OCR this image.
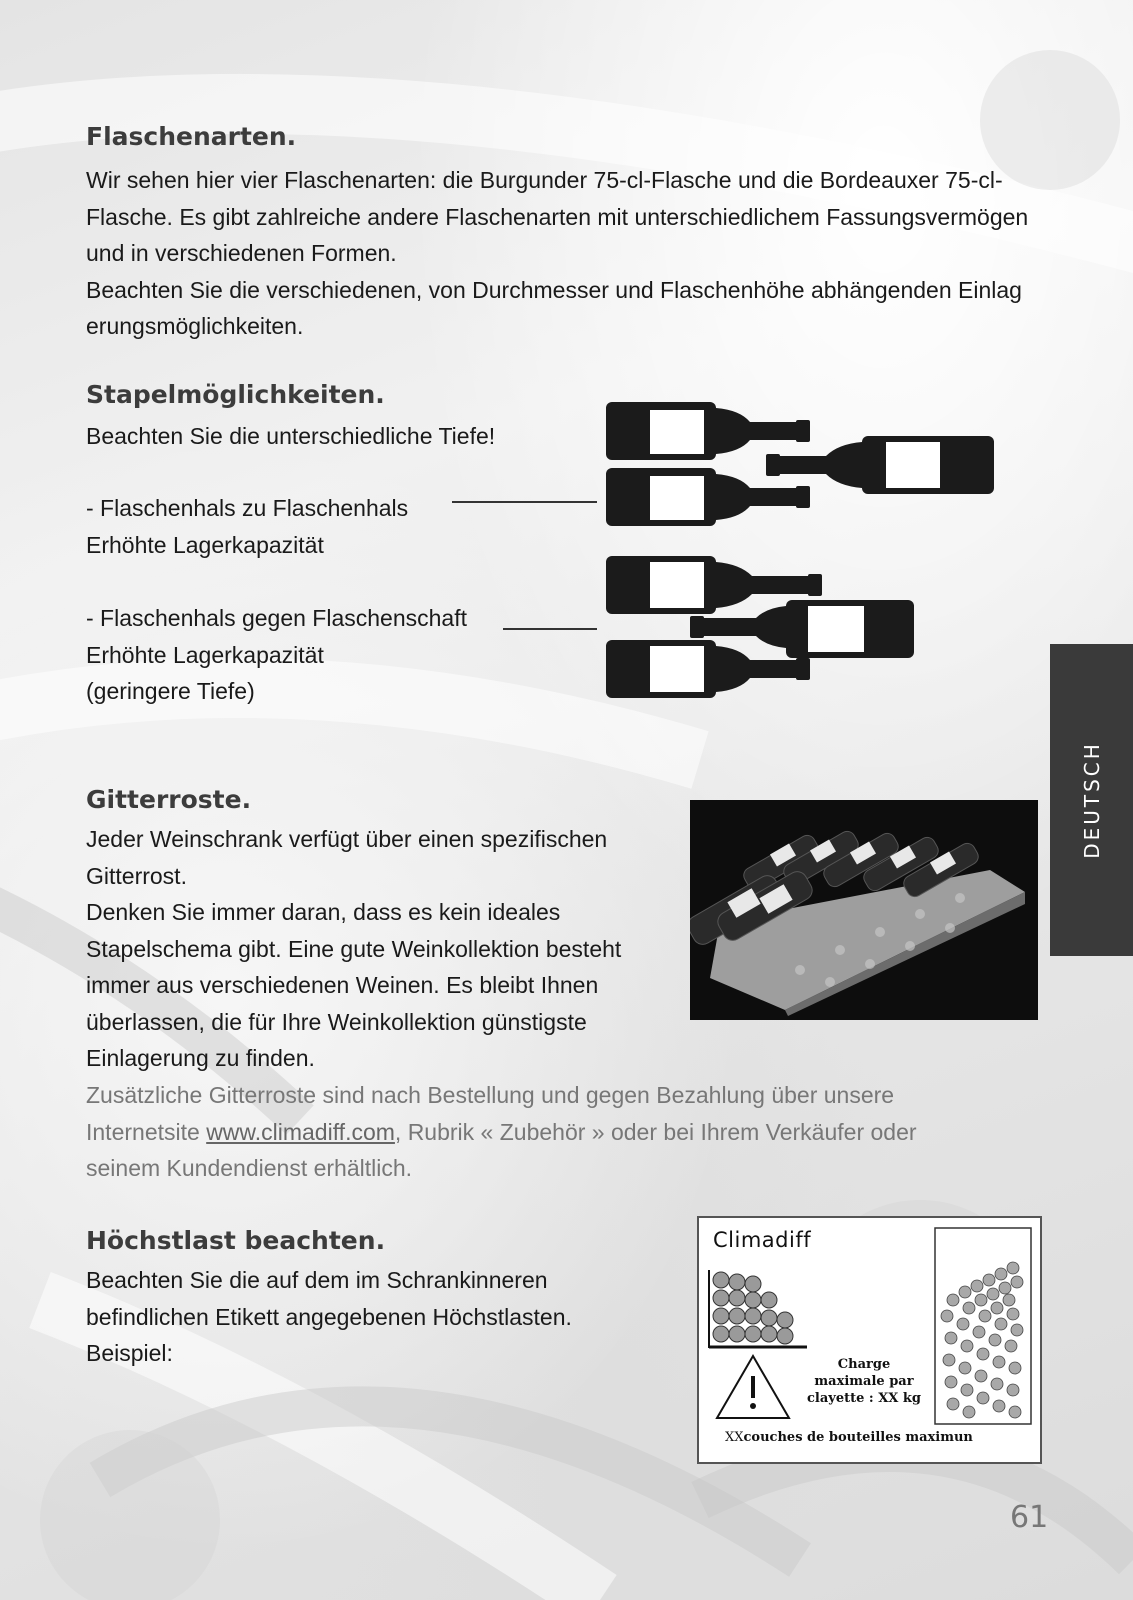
Flaschenarten.

Wir sehen hier vier Flaschenarten: die Burgunder 75-cl-Flasche und die Bordeauxer 75-cl-
Flasche. Es gibt zahlreiche andere Flaschenarten mit unterschiedlichem Fassungsvermögen
und in verschiedenen Formen.
Beachten Sie die verschiedenen, von Durchmesser und Flaschenhöhe abhängenden Einlag
erungsmöglichkeiten.

Stapelmöglichkeiten.

Beachten Sie die unterschiedliche Tiefe!

- Flaschenhals zu Flaschenhals
Erhöhte Lagerkapazität

- Flaschenhals gegen Flaschenschaft
Erhöhte Lagerkapazität
(geringere Tiefe)

Gitterroste.

Jeder Weinschrank verfügt über einen spezifischen
Gitterrost.
Denken Sie immer daran, dass es kein ideales
Stapelschema gibt. Eine gute Weinkollektion besteht
immer aus verschiedenen Weinen. Es bleibt Ihnen
überlassen, die für Ihre Weinkollektion günstigste
Einlagerung zu finden.

Zusätzliche Gitterroste sind nach Bestellung und gegen Bezahlung über unsere
Internetsite www.climadiff.com, Rubrik « Zubehör » oder bei Ihrem Verkäufer oder
seinem Kundendienst erhältlich.

Höchstlast beachten.

Beachten Sie die auf dem im Schrankinneren
befindlichen Etikett angegebenen Höchstlasten.
Beispiel:

Climadiff
Charge
maximale par
clayette : XX kg
XXcouches de bouteilles maximun
DEUTSCH
61
